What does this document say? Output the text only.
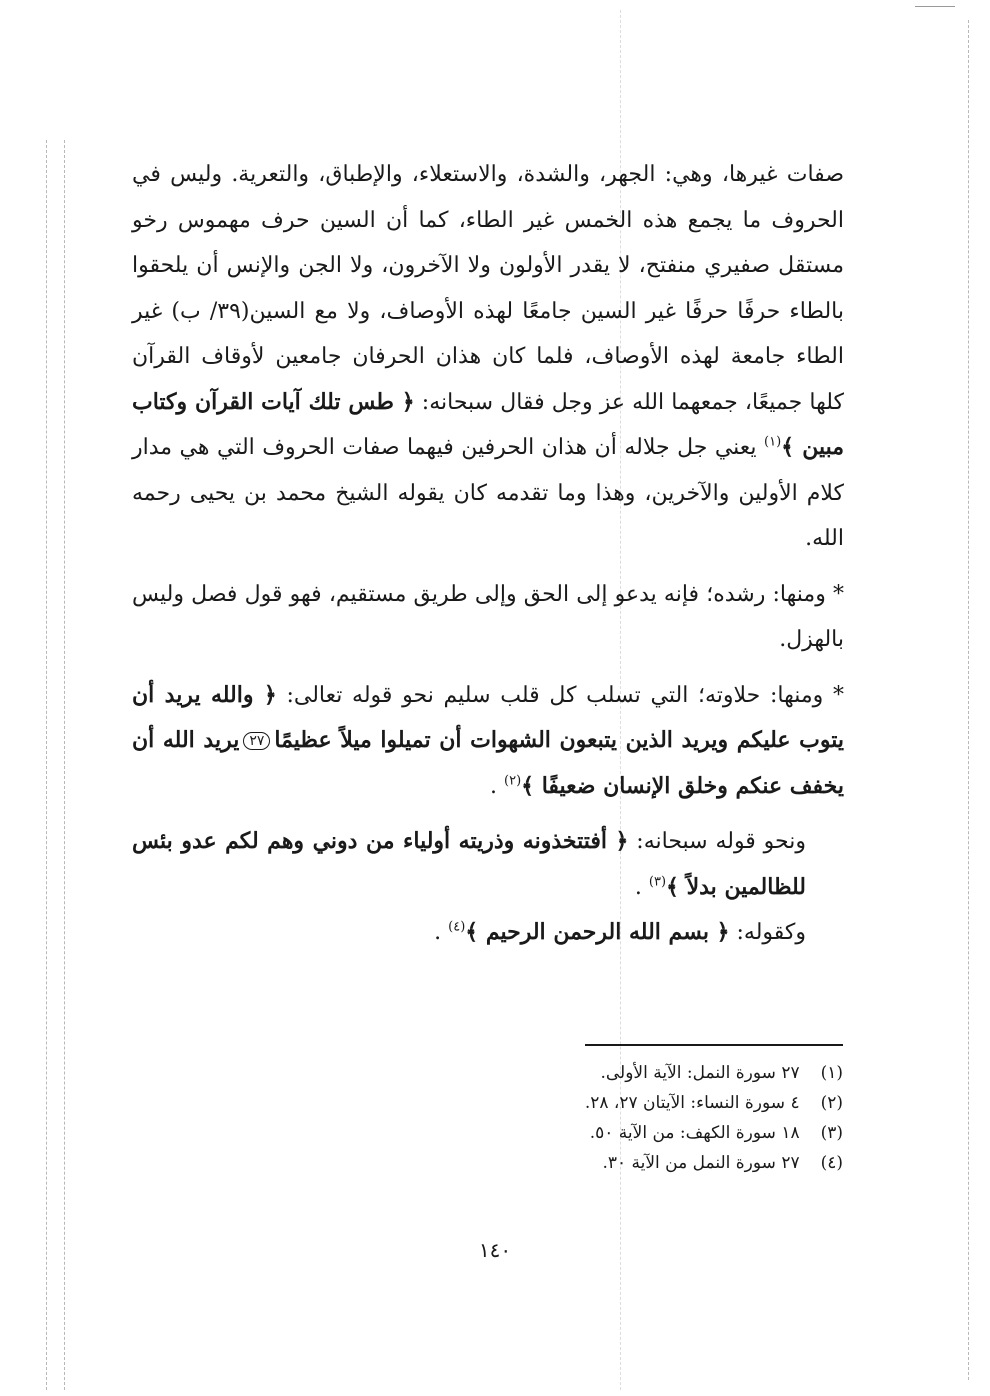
صفات غيرها، وهي: الجهر، والشدة، والاستعلاء، والإطباق، والتعرية. وليس في الحروف ما يجمع هذه الخمس غير الطاء، كما أن السين حرف مهموس رخو مستقل صفيري منفتح، لا يقدر الأولون ولا الآخرون، ولا الجن والإنس أن يلحقوا بالطاء حرفًا حرفًا غير السين جامعًا لهذه الأوصاف، ولا مع السين(٣٩/ ب) غير الطاء جامعة لهذه الأوصاف، فلما كان هذان الحرفان جامعين لأوقاف القرآن كلها جميعًا، جمعهما الله عز وجل فقال سبحانه: ﴿ طس تلك آيات القرآن وكتاب مبين ﴾$^{(١)}$ يعني جل جلاله أن هذان الحرفين فيهما صفات الحروف التي هي مدار كلام الأولين والآخرين، وهذا وما تقدمه كان يقوله الشيخ محمد بن يحيى رحمه الله.

* ومنها: رشده؛ فإنه يدعو إلى الحق وإلى طريق مستقيم، فهو قول فصل وليس بالهزل.

* ومنها: حلاوته؛ التي تسلب كل قلب سليم نحو قوله تعالى: ﴿ والله يريد أن يتوب عليكم ويريد الذين يتبعون الشهوات أن تميلوا ميلاً عظيمًا٢٧يريد الله أن يخفف عنكم وخلق الإنسان ضعيفًا ﴾$^{(٢)}$ .

ونحو قوله سبحانه: ﴿ أفتتخذونه وذريته أولياء من دوني وهم لكم عدو بئس للظالمين بدلاً ﴾$^{(٣)}$ .

وكقوله: ﴿ بسم الله الرحمن الرحيم ﴾$^{(٤)}$ .

(١) ٢٧ سورة النمل: الآية الأولى.
(٢) ٤ سورة النساء: الآيتان ٢٧، ٢٨.
(٣) ١٨ سورة الكهف: من الآية ٥٠.
(٤) ٢٧ سورة النمل من الآية ٣٠.
١٤٠
